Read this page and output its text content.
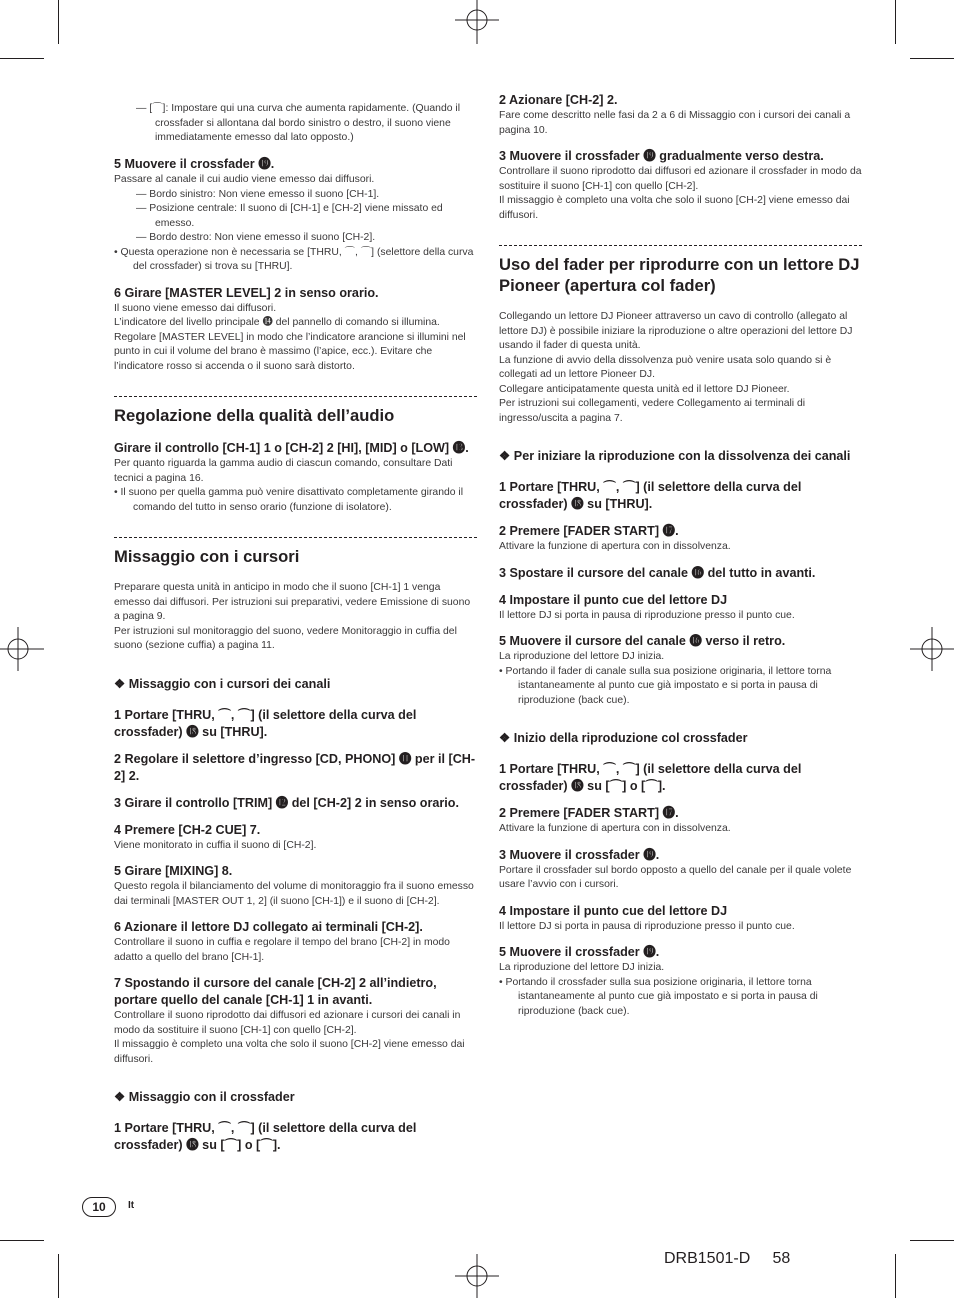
— [⌒]: Impostare qui una curva che aumenta rapidamente. (Quando il crossfader si allontana dal bordo sinistro o destro, il suono viene immediatamente emesso dal lato opposto.)

5 Muovere il crossfader ⓳.

Passare al canale il cui audio viene emesso dai diffusori.

— Bordo sinistro: Non viene emesso il suono [CH-1].

— Posizione centrale: Il suono di [CH-1] e [CH-2] viene missato ed emesso.

— Bordo destro: Non viene emesso il suono [CH-2].

• Questa operazione non è necessaria se [THRU, ⌒, ⌒] (selettore della curva del crossfader) si trova su [THRU].

6 Girare [MASTER LEVEL] 2 in senso orario.

Il suono viene emesso dai diffusori.
L’indicatore del livello principale ⓮ del pannello di comando si illumina.
Regolare [MASTER LEVEL] in modo che l’indicatore arancione si illumini nel punto in cui il volume del brano è massimo (l’apice, ecc.). Evitare che l’indicatore rosso si accenda o il suono sarà distorto.

Regolazione della qualità dell’audio
Girare il controllo [CH-1] 1 o [CH-2] 2 [HI], [MID] o [LOW] ⓭.

Per quanto riguarda la gamma audio di ciascun comando, consultare Dati tecnici a pagina 16.

• Il suono per quella gamma può venire disattivato completamente girando il comando del tutto in senso orario (funzione di isolatore).

Missaggio con i cursori

Preparare questa unità in anticipo in modo che il suono [CH-1] 1 venga emesso dai diffusori. Per istruzioni sui preparativi, vedere Emissione di suono a pagina 9.
Per istruzioni sul monitoraggio del suono, vedere Monitoraggio in cuffia del suono (sezione cuffia) a pagina 11.

❖ Missaggio con i cursori dei canali
1 Portare [THRU, ⌒, ⌒] (il selettore della curva del crossfader) ⓲ su [THRU].
2 Regolare il selettore d’ingresso [CD, PHONO] ⓫ per il [CH-2] 2.
3 Girare il controllo [TRIM] ⓬ del [CH-2] 2 in senso orario.
4 Premere [CH-2 CUE] 7.

Viene monitorato in cuffia il suono di [CH-2].

5 Girare [MIXING] 8.

Questo regola il bilanciamento del volume di monitoraggio fra il suono emesso dai terminali [MASTER OUT 1, 2] (il suono [CH-1]) e il suono di [CH-2].

6 Azionare il lettore DJ collegato ai terminali [CH-2].

Controllare il suono in cuffia e regolare il tempo del brano [CH-2] in modo adatto a quello del brano [CH-1].

7 Spostando il cursore del canale [CH-2] 2 all’indietro, portare quello del canale [CH-1] 1 in avanti.

Controllare il suono riprodotto dai diffusori ed azionare i cursori dei canali in modo da sostituire il suono [CH-1] con quello [CH-2].
Il missaggio è completo una volta che solo il suono [CH-2] viene emesso dai diffusori.

❖ Missaggio con il crossfader
1 Portare [THRU, ⌒, ⌒] (il selettore della curva del crossfader) ⓲ su [⌒] o [⌒].
2 Azionare [CH-2] 2.

Fare come descritto nelle fasi da 2 a 6 di Missaggio con i cursori dei canali a pagina 10.

3 Muovere il crossfader ⓳ gradualmente verso destra.

Controllare il suono riprodotto dai diffusori ed azionare il crossfader in modo da sostituire il suono [CH-1] con quello [CH-2].
Il missaggio è completo una volta che solo il suono [CH-2] viene emesso dai diffusori.

Uso del fader per riprodurre con un lettore DJ Pioneer (apertura col fader)

Collegando un lettore DJ Pioneer attraverso un cavo di controllo (allegato al lettore DJ) è possibile iniziare la riproduzione o altre operazioni del lettore DJ usando il fader di questa unità.
La funzione di avvio della dissolvenza può venire usata solo quando si è collegati ad un lettore Pioneer DJ.
Collegare anticipatamente questa unità ed il lettore DJ Pioneer.
Per istruzioni sui collegamenti, vedere Collegamento ai terminali di ingresso/uscita a pagina 7.

❖ Per iniziare la riproduzione con la dissolvenza dei canali
1 Portare [THRU, ⌒, ⌒] (il selettore della curva del crossfader) ⓲ su [THRU].
2 Premere [FADER START] ⓱.

Attivare la funzione di apertura con in dissolvenza.

3 Spostare il cursore del canale ⓰ del tutto in avanti.
4 Impostare il punto cue del lettore DJ

Il lettore DJ si porta in pausa di riproduzione presso il punto cue.

5 Muovere il cursore del canale ⓰ verso il retro.

La riproduzione del lettore DJ inizia.

• Portando il fader di canale sulla sua posizione originaria, il lettore torna istantaneamente al punto cue già impostato e si porta in pausa di riproduzione (back cue).

❖ Inizio della riproduzione col crossfader
1 Portare [THRU, ⌒, ⌒] (il selettore della curva del crossfader) ⓲ su [⌒] o [⌒].
2 Premere [FADER START] ⓱.

Attivare la funzione di apertura con in dissolvenza.

3 Muovere il crossfader ⓳.

Portare il crossfader sul bordo opposto a quello del canale per il quale volete usare l’avvio con i cursori.

4 Impostare il punto cue del lettore DJ

Il lettore DJ si porta in pausa di riproduzione presso il punto cue.

5 Muovere il crossfader ⓳.

La riproduzione del lettore DJ inizia.

• Portando il crossfader sulla sua posizione originaria, il lettore torna istantaneamente al punto cue già impostato e si porta in pausa di riproduzione (back cue).

10	It
DRB1501-D     58
